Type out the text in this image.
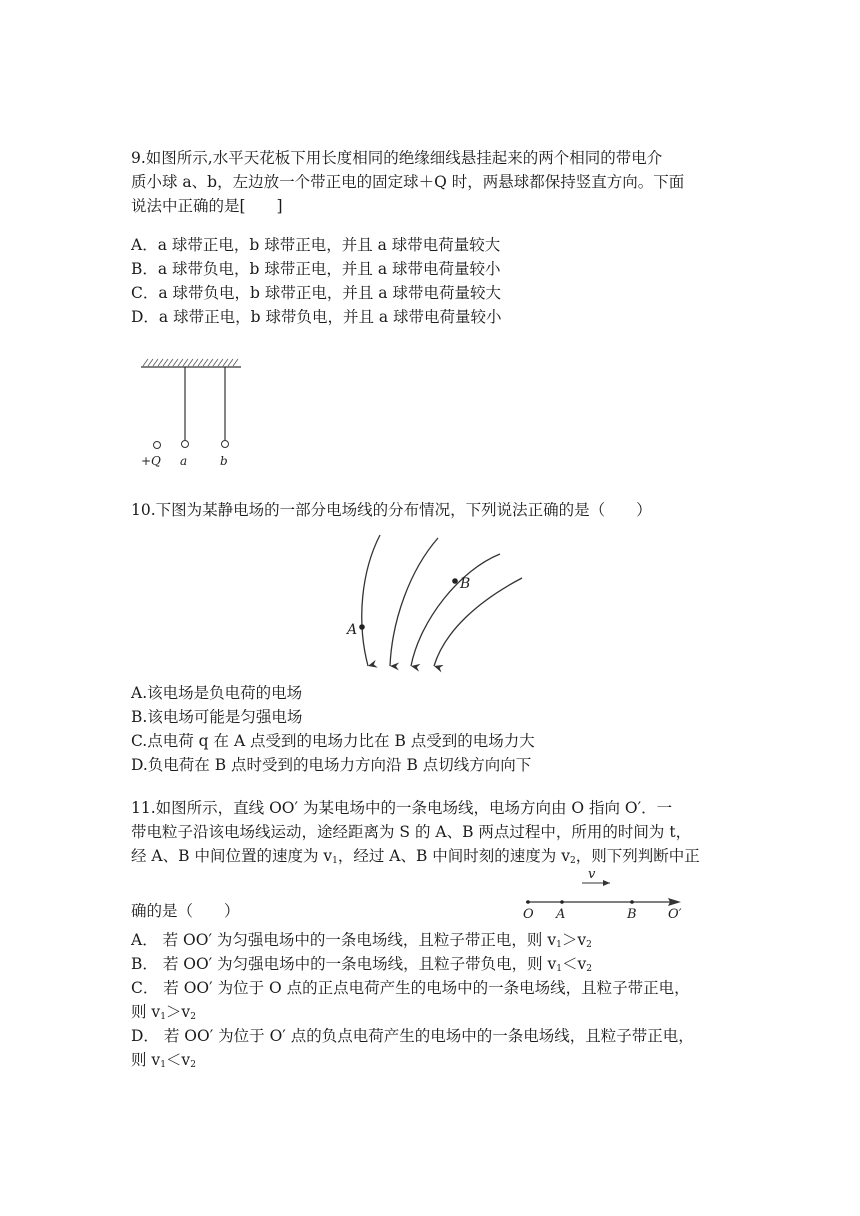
9.如图所示,水平天花板下用长度相同的绝缘细线悬挂起来的两个相同的带电介
质小球 a、b，左边放一个带正电的固定球＋Q 时，两悬球都保持竖直方向。下面
说法中正确的是[　　]
A．a 球带正电，b 球带正电，并且 a 球带电荷量较大
B．a 球带负电，b 球带正电，并且 a 球带电荷量较小
C．a 球带负电，b 球带正电，并且 a 球带电荷量较大
D．a 球带正电，b 球带负电，并且 a 球带电荷量较小
+Q a	b
10.下图为某静电场的一部分电场线的分布情况，下列说法正确的是（　　）
A
B
A.该电场是负电荷的电场
B.该电场可能是匀强电场
C.点电荷 q 在 A 点受到的电场力比在 B 点受到的电场力大
D.负电荷在 B 点时受到的电场力方向沿 B 点切线方向向下
11.如图所示，直线 OO′ 为某电场中的一条电场线，电场方向由 O 指向 O′．一
带电粒子沿该电场线运动，途经距离为 S 的 A、B 两点过程中，所用的时间为 t，
经 A、B 中间位置的速度为 $v_1$，经过 A、B 中间时刻的速度为 $v_2$，则下列判断中正
确的是（　　）
v
O A	B O′
A． 若 OO′ 为匀强电场中的一条电场线，且粒子带正电，则 $v_1>v_2$
B． 若 OO′ 为匀强电场中的一条电场线，且粒子带负电，则 $v_1<v_2$
C． 若 OO′ 为位于 O 点的正点电荷产生的电场中的一条电场线，且粒子带正电，
则 $v_1>v_2$
D． 若 OO′ 为位于 O′ 点的负点电荷产生的电场中的一条电场线，且粒子带正电，
则 $v_1<v_2$
